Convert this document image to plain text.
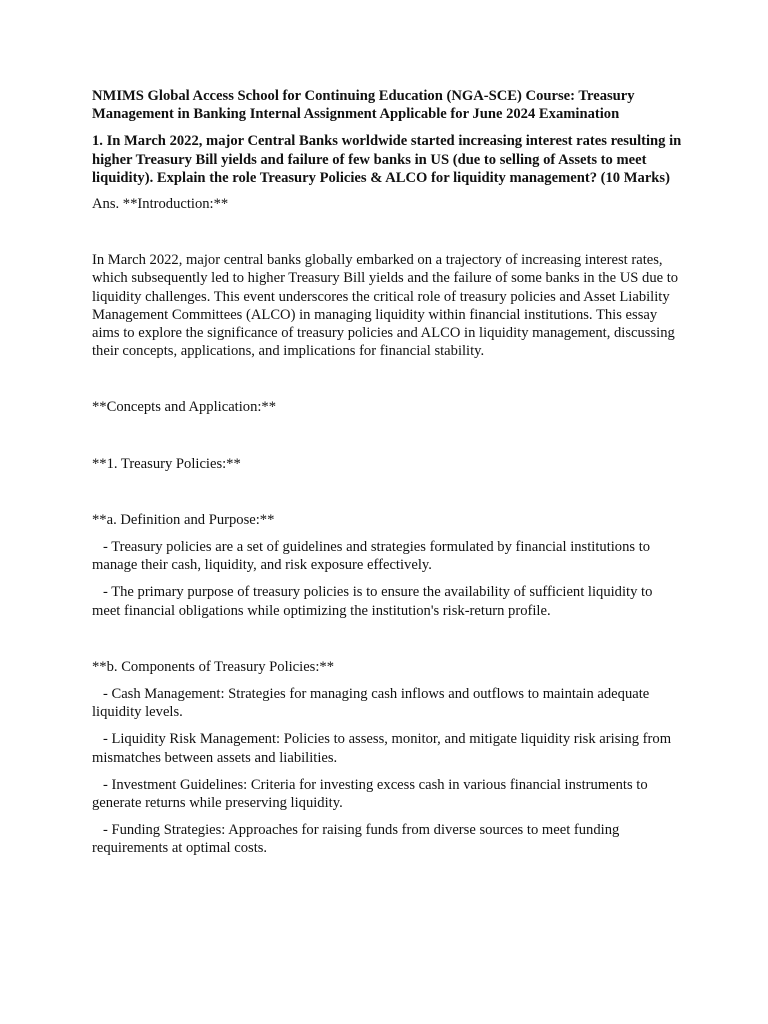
NMIMS Global Access School for Continuing Education (NGA-SCE) Course: Treasury Management in Banking Internal Assignment Applicable for June 2024 Examination

1. In March 2022, major Central Banks worldwide started increasing interest rates resulting in higher Treasury Bill yields and failure of few banks in US (due to selling of Assets to meet liquidity). Explain the role Treasury Policies & ALCO for liquidity management? (10 Marks)

Ans. **Introduction:**

In March 2022, major central banks globally embarked on a trajectory of increasing interest rates, which subsequently led to higher Treasury Bill yields and the failure of some banks in the US due to liquidity challenges. This event underscores the critical role of treasury policies and Asset Liability Management Committees (ALCO) in managing liquidity within financial institutions. This essay aims to explore the significance of treasury policies and ALCO in liquidity management, discussing their concepts, applications, and implications for financial stability.

**Concepts and Application:**

**1. Treasury Policies:**

**a. Definition and Purpose:**

- Treasury policies are a set of guidelines and strategies formulated by financial institutions to manage their cash, liquidity, and risk exposure effectively.

- The primary purpose of treasury policies is to ensure the availability of sufficient liquidity to meet financial obligations while optimizing the institution's risk-return profile.

**b. Components of Treasury Policies:**

- Cash Management: Strategies for managing cash inflows and outflows to maintain adequate liquidity levels.

- Liquidity Risk Management: Policies to assess, monitor, and mitigate liquidity risk arising from mismatches between assets and liabilities.

- Investment Guidelines: Criteria for investing excess cash in various financial instruments to generate returns while preserving liquidity.

- Funding Strategies: Approaches for raising funds from diverse sources to meet funding requirements at optimal costs.
